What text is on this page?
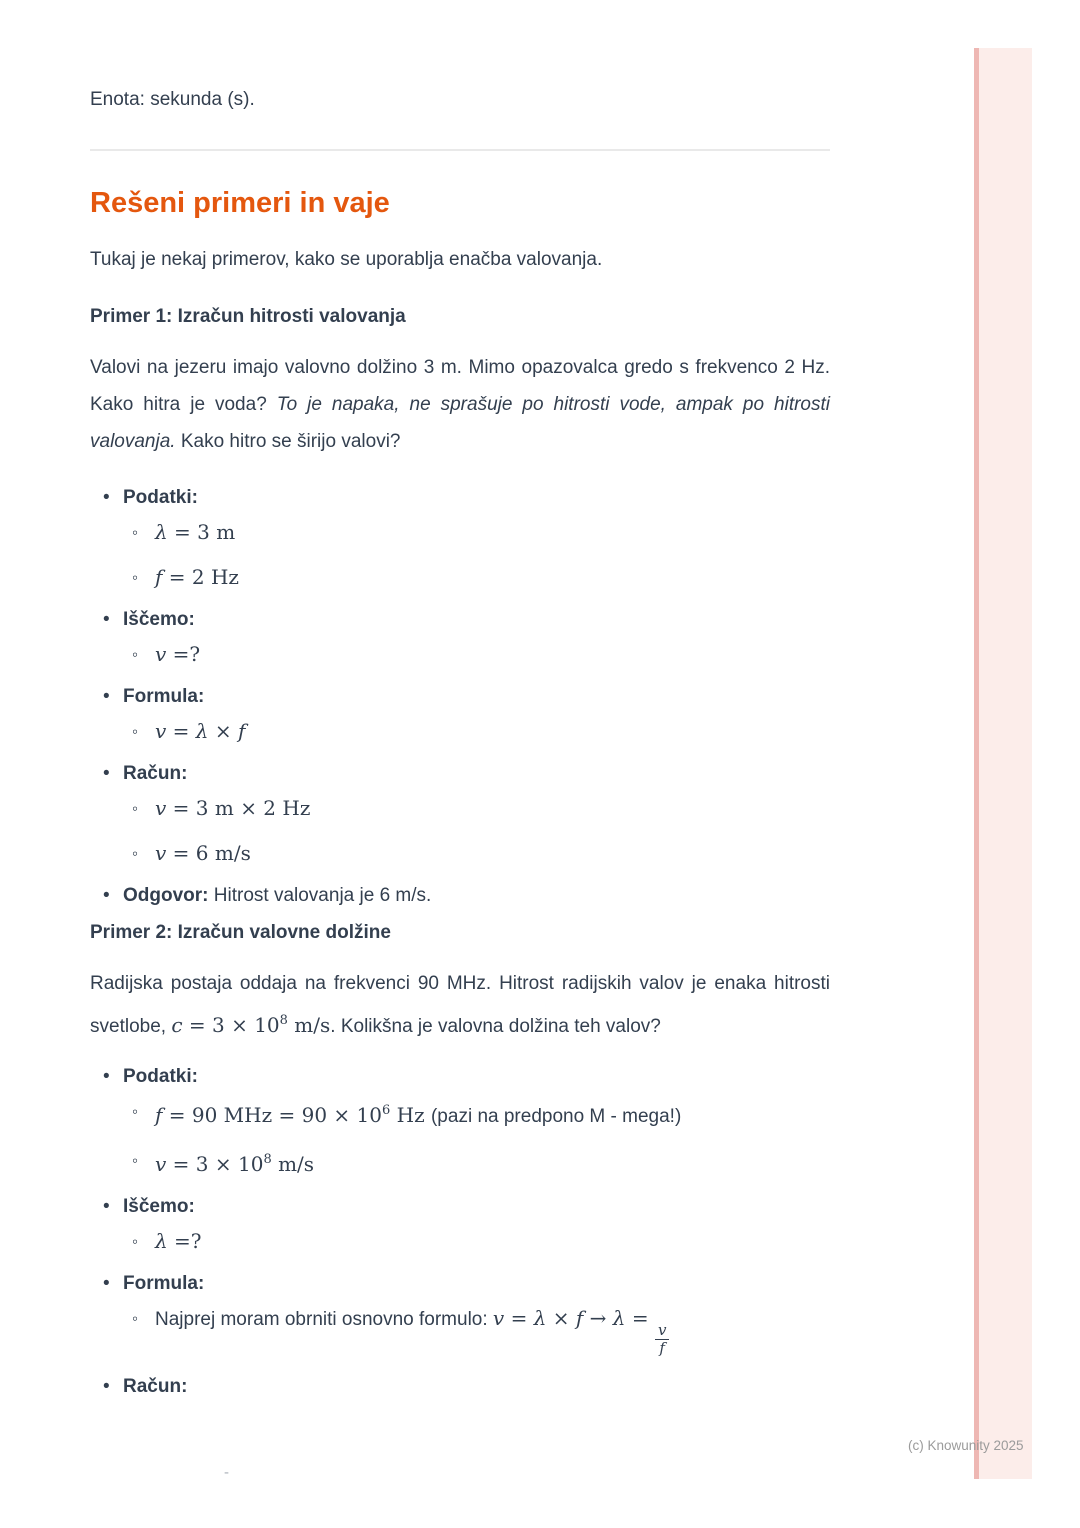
Enota: sekunda (s).

Rešeni primeri in vaje

Tukaj je nekaj primerov, kako se uporablja enačba valovanja.

Primer 1: Izračun hitrosti valovanja

Valovi na jezeru imajo valovno dolžino 3 m. Mimo opazovalca gredo s frekvenco 2 Hz. Kako hitra je voda? To je napaka, ne sprašuje po hitrosti vode, ampak po hitrosti valovanja. Kako hitro se širijo valovi?

• Podatki:
◦ λ = 3 m
◦ f = 2 Hz
• Iščemo:
◦ v =?
• Formula:
◦ v = λ × f
• Račun:
◦ v = 3 m × 2 Hz
◦ v = 6 m/s
• Odgovor: Hitrost valovanja je 6 m/s.
Primer 2: Izračun valovne dolžine

Radijska postaja oddaja na frekvenci 90 MHz. Hitrost radijskih valov je enaka hitrosti svetlobe, $c = 3 \times 10^8$ m/s. Kolikšna je valovna dolžina teh valov?

• Podatki:
◦ f = 90 MHz = $90 \times 10^6$ Hz (pazi na predpono M - mega!)
◦ $v = 3 \times 10^8$ m/s
• Iščemo:
◦ λ =?
• Formula:
◦ Najprej moram obrniti osnovno formulo: v = λ × f → λ =
$\frac{v}{f}$
• Račun:
-
(c) Knowunity 2025
